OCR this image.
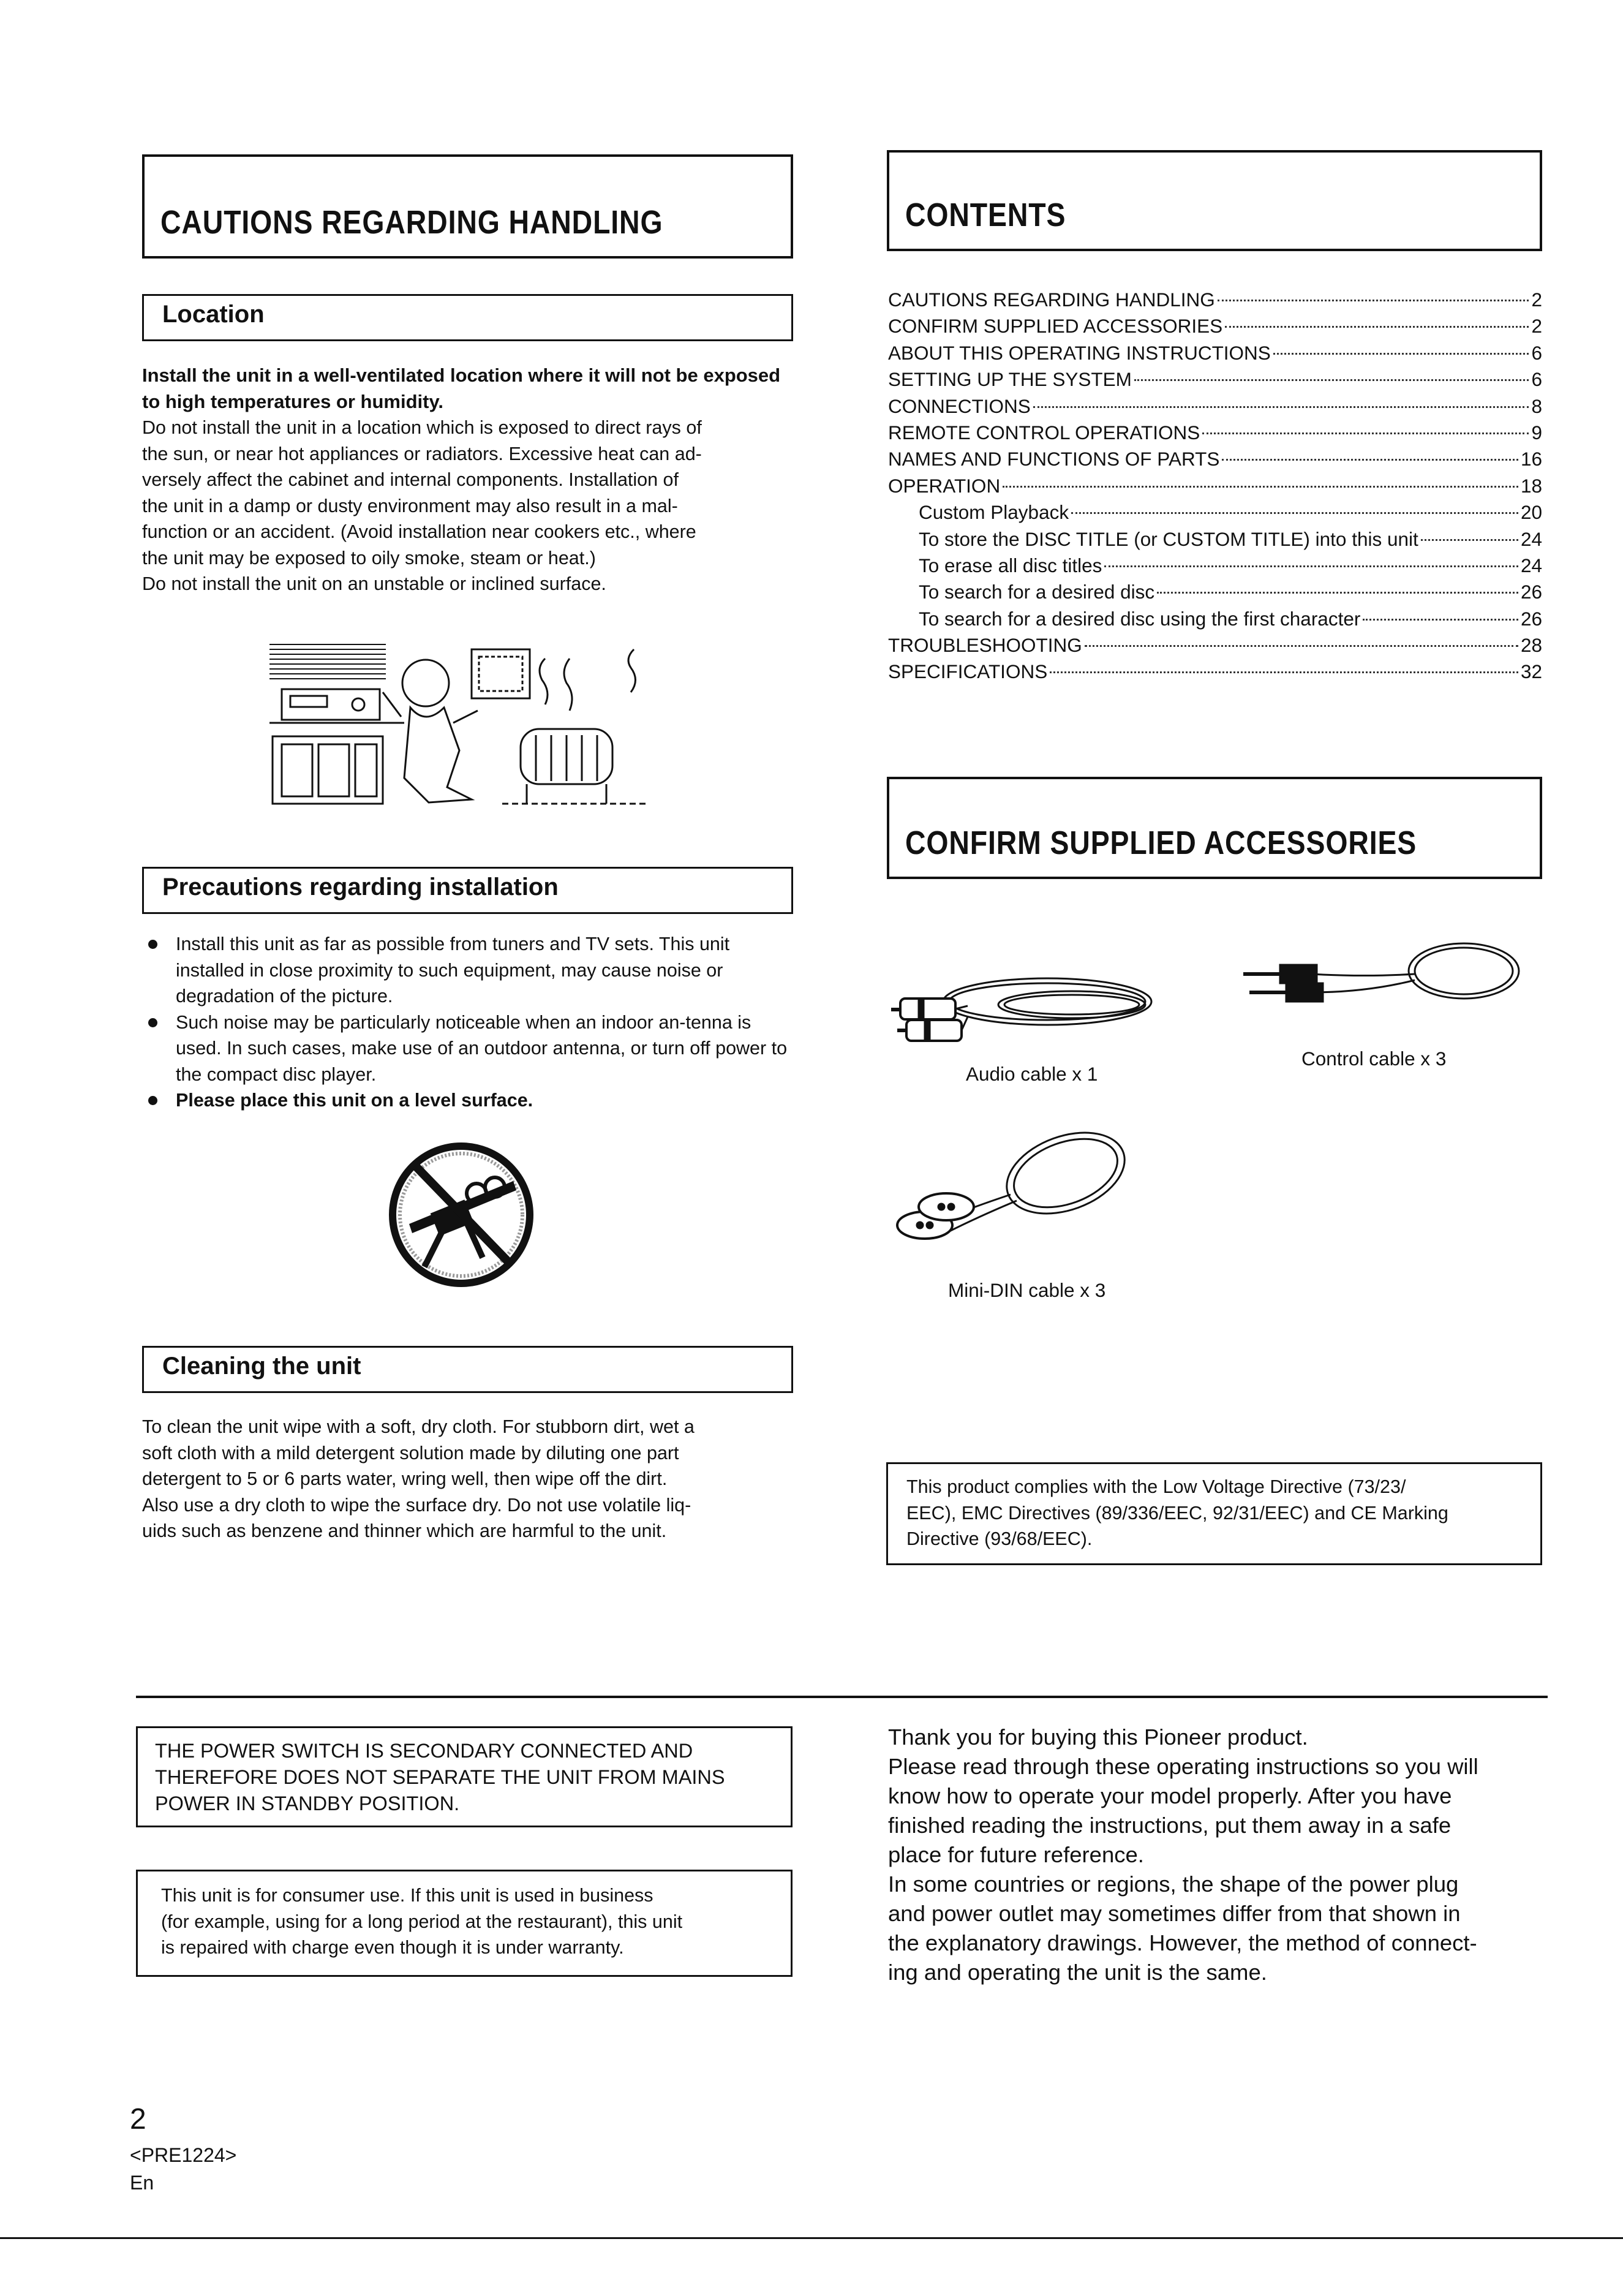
CAUTIONS REGARDING HANDLING
Location
Install the unit in a well-ventilated location where it will not be exposed to high temperatures or humidity.
Do not install the unit in a location which is exposed to direct rays of
the sun, or near hot appliances or radiators. Excessive heat can ad-
versely affect the cabinet and internal components. Installation of
the unit in a damp or dusty environment may also result in a mal-
function or an accident. (Avoid installation near cookers etc., where
the unit may be exposed to oily smoke, steam or heat.)
Do not install the unit on an unstable or inclined surface.
Precautions regarding installation
Install this unit as far as possible from tuners and TV sets. This unit installed in close proximity to such equipment, may cause noise or degradation of the picture.
Such noise may be particularly noticeable when an indoor an-tenna is used. In such cases, make use of an outdoor antenna, or turn off power to the compact disc player.
Please place this unit on a level surface.
Cleaning the unit
To clean the unit wipe with a soft, dry cloth. For stubborn dirt, wet a
soft cloth with a mild detergent solution made by diluting one part
detergent to 5 or 6 parts water, wring well, then wipe off the dirt.
Also use a dry cloth to wipe the surface dry. Do not use volatile liq-
uids such as benzene and thinner which are harmful to the unit.
CONTENTS
CAUTIONS REGARDING HANDLING	2
CONFIRM SUPPLIED ACCESSORIES	2
ABOUT THIS OPERATING INSTRUCTIONS	6
SETTING UP THE SYSTEM	6
CONNECTIONS	8
REMOTE CONTROL OPERATIONS	9
NAMES AND FUNCTIONS OF PARTS	16
OPERATION	18
Custom Playback	20
To store the DISC TITLE (or CUSTOM TITLE) into this unit	24
To erase all disc titles	24
To search for a desired disc	26
To search for a desired disc using the first character	26
TROUBLESHOOTING	28
SPECIFICATIONS	32
CONFIRM SUPPLIED ACCESSORIES
Audio cable x 1
Control cable x 3
Mini-DIN cable x 3
This product complies with the Low Voltage Directive (73/23/
EEC), EMC Directives (89/336/EEC, 92/31/EEC) and CE Marking
Directive (93/68/EEC).
THE POWER SWITCH IS SECONDARY CONNECTED AND
THEREFORE DOES NOT SEPARATE THE UNIT FROM MAINS
POWER IN STANDBY POSITION.
This unit is for consumer use. If this unit is used in business
(for example, using for a long period at the restaurant), this unit
is repaired with charge even though it is under warranty.
Thank you for buying this Pioneer product.
Please read through these operating instructions so you will
know how to operate your model properly. After you have
finished reading the instructions, put them away in a safe
place for future reference.
In some countries or regions, the shape of the power plug
and power outlet may sometimes differ from that shown in
the explanatory drawings. However, the method of connect-
ing and operating the unit is the same.
2
<PRE1224>
En
